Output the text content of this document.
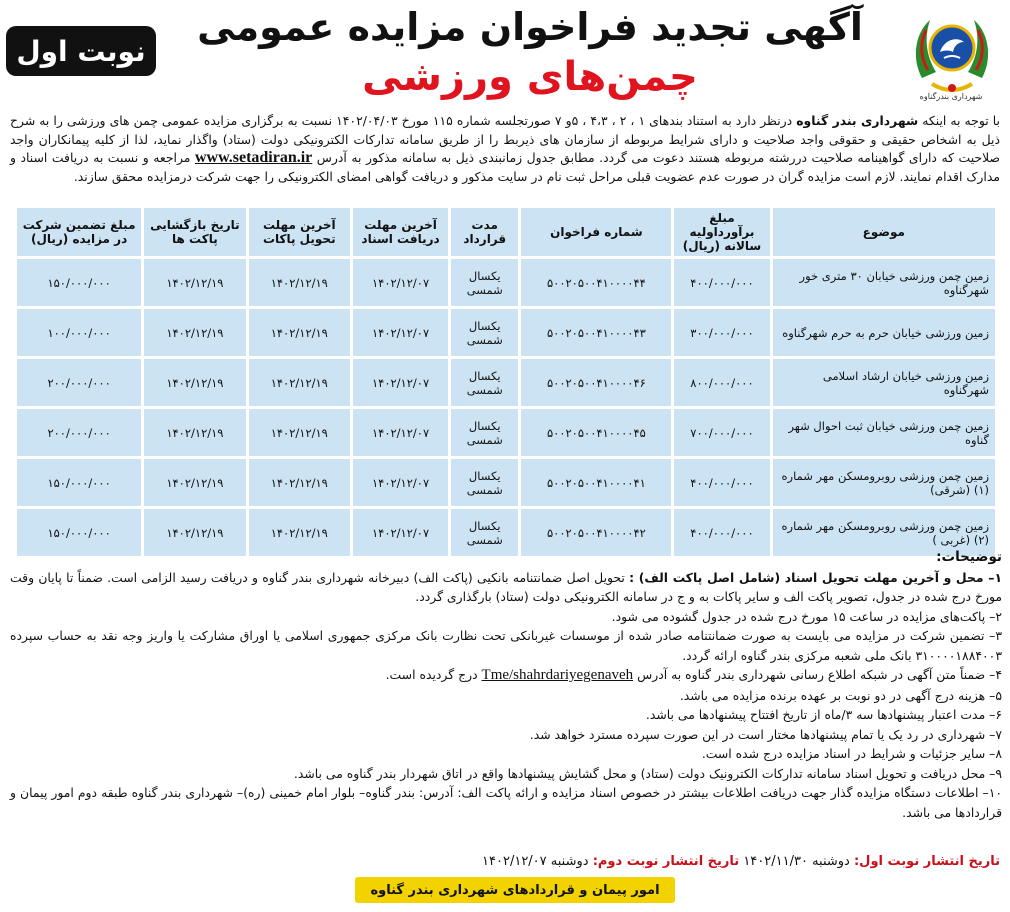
شهرداری بندرگناوه
آگهی تجدید فراخوان مزایده عمومی
چمن‌های ورزشی
نوبت اول
با توجه به اینکه شهرداری بندر گناوه درنظر دارد به استناد بندهای ۱ ، ۲ ، ۴،۳ ، ۵و ۷ صورتجلسه شماره ۱۱۵ مورخ ۱۴۰۲/۰۴/۰۳ نسبت به برگزاری مزایده عمومی چمن های ورزشی را به شرح ذیل به اشخاص حقیقی و حقوقی واجد صلاحیت و دارای شرایط مربوطه از سازمان های ذیربط را از طریق سامانه تدارکات الکترونیکی دولت (ستاد) واگذار نماید، لذا از کلیه پیمانکاران واجد صلاحیت که دارای گواهینامه صلاحیت دررشته مربوطه هستند دعوت می گردد. مطابق جدول زمانبندی ذیل به سامانه مذکور به آدرس www.setadiran.ir مراجعه و نسبت به دریافت اسناد و مدارک اقدام نمایند. لازم است مزایده گران در صورت عدم عضویت قبلی مراحل ثبت نام در سایت مذکور و دریافت گواهی امضای الکترونیکی را جهت شرکت درمزایده محقق سازند.
موضوع	مبلغ برآورداولیه سالانه (ریال)	شماره فراخوان	مدت قرارداد	آخرین مهلت دریافت اسناد	آخرین مهلت تحویل پاکات	تاریخ بازگشایی پاکت ها	مبلغ تضمین شرکت در مزایده (ریال)
زمین چمن ورزشی خیابان ۳۰ متری خور شهرگناوه	۴۰۰/۰۰۰/۰۰۰	۵۰۰۲۰۵۰۰۴۱۰۰۰۰۴۴	یکسال شمسی	۱۴۰۲/۱۲/۰۷	۱۴۰۲/۱۲/۱۹	۱۴۰۲/۱۲/۱۹	۱۵۰/۰۰۰/۰۰۰
زمین ورزشی خیابان حرم به حرم شهرگناوه	۳۰۰/۰۰۰/۰۰۰	۵۰۰۲۰۵۰۰۴۱۰۰۰۰۴۳	یکسال شمسی	۱۴۰۲/۱۲/۰۷	۱۴۰۲/۱۲/۱۹	۱۴۰۲/۱۲/۱۹	۱۰۰/۰۰۰/۰۰۰
زمین ورزشی خیابان ارشاد اسلامی شهرگناوه	۸۰۰/۰۰۰/۰۰۰	۵۰۰۲۰۵۰۰۴۱۰۰۰۰۴۶	یکسال شمسی	۱۴۰۲/۱۲/۰۷	۱۴۰۲/۱۲/۱۹	۱۴۰۲/۱۲/۱۹	۲۰۰/۰۰۰/۰۰۰
زمین چمن ورزشی خیابان ثبت احوال شهر گناوه	۷۰۰/۰۰۰/۰۰۰	۵۰۰۲۰۵۰۰۴۱۰۰۰۰۴۵	یکسال شمسی	۱۴۰۲/۱۲/۰۷	۱۴۰۲/۱۲/۱۹	۱۴۰۲/۱۲/۱۹	۲۰۰/۰۰۰/۰۰۰
زمین چمن ورزشی روبرومسکن مهر شماره (۱) (شرقی)	۴۰۰/۰۰۰/۰۰۰	۵۰۰۲۰۵۰۰۴۱۰۰۰۰۴۱	یکسال شمسی	۱۴۰۲/۱۲/۰۷	۱۴۰۲/۱۲/۱۹	۱۴۰۲/۱۲/۱۹	۱۵۰/۰۰۰/۰۰۰
زمین چمن ورزشی روبرومسکن مهر شماره (۲) (غربی )	۴۰۰/۰۰۰/۰۰۰	۵۰۰۲۰۵۰۰۴۱۰۰۰۰۴۲	یکسال شمسی	۱۴۰۲/۱۲/۰۷	۱۴۰۲/۱۲/۱۹	۱۴۰۲/۱۲/۱۹	۱۵۰/۰۰۰/۰۰۰
توضیحات:
۱– محل و آخرین مهلت تحویل اسناد (شامل اصل پاکت الف) : تحویل اصل ضمانتنامه بانکیی (پاکت الف) دبیرخانه شهرداری بندر گناوه و دریافت رسید الزامی است. ضمناً تا پایان وقت مورخ درج شده در جدول، تصویر پاکت الف و سایر پاکات به و ج در سامانه الکترونیکی دولت (ستاد) بارگذاری گردد.
۲– پاکت‌های مزایده در ساعت ۱۵ مورخ درج شده در جدول گشوده می شود.
۳– تضمین شرکت در مزایده می بایست به صورت ضمانتنامه صادر شده از موسسات غیربانکی تحت نظارت بانک مرکزی جمهوری اسلامی یا اوراق مشارکت یا واریز وجه نقد به حساب سپرده ۳۱۰۰۰۰۱۸۸۴۰۰۳ بانک ملی شعبه مرکزی بندر گناوه ارائه گردد.
۴– ضمناً متن آگهی در شبکه اطلاع رسانی شهرداری بندر گناوه به آدرس Tme/shahrdariyegenaveh درج گردیده است.
۵– هزینه درج آگهی در دو نوبت بر عهده برنده مزایده می باشد.
۶– مدت اعتبار پیشنهادها سه ۳/ماه از تاریخ افتتاح پیشنهادها می باشد.
۷– شهرداری در رد یک یا تمام پیشنهادها مختار است در این صورت سپرده مسترد خواهد شد.
۸– سایر جزئیات و شرایط در اسناد مزایده درج شده است.
۹– محل دریافت و تحویل اسناد سامانه تدارکات الکترونیک دولت (ستاد) و محل گشایش پیشنهادها واقع در اتاق شهردار بندر گناوه می باشد.
۱۰– اطلاعات دستگاه مزایده گذار جهت دریافت اطلاعات بیشتر در خصوص اسناد مزایده و ارائه پاکت الف: آدرس: بندر گناوه– بلوار امام خمینی (ره)– شهرداری بندر گناوه طبقه دوم امور پیمان و قراردادها می باشد.
تاریخ انتشار نوبت اول: دوشنبه ۱۴۰۲/۱۱/۳۰ تاریخ انتشار نوبت دوم: دوشنبه ۱۴۰۲/۱۲/۰۷
امور پیمان و قراردادهای شهرداری بندر گناوه
